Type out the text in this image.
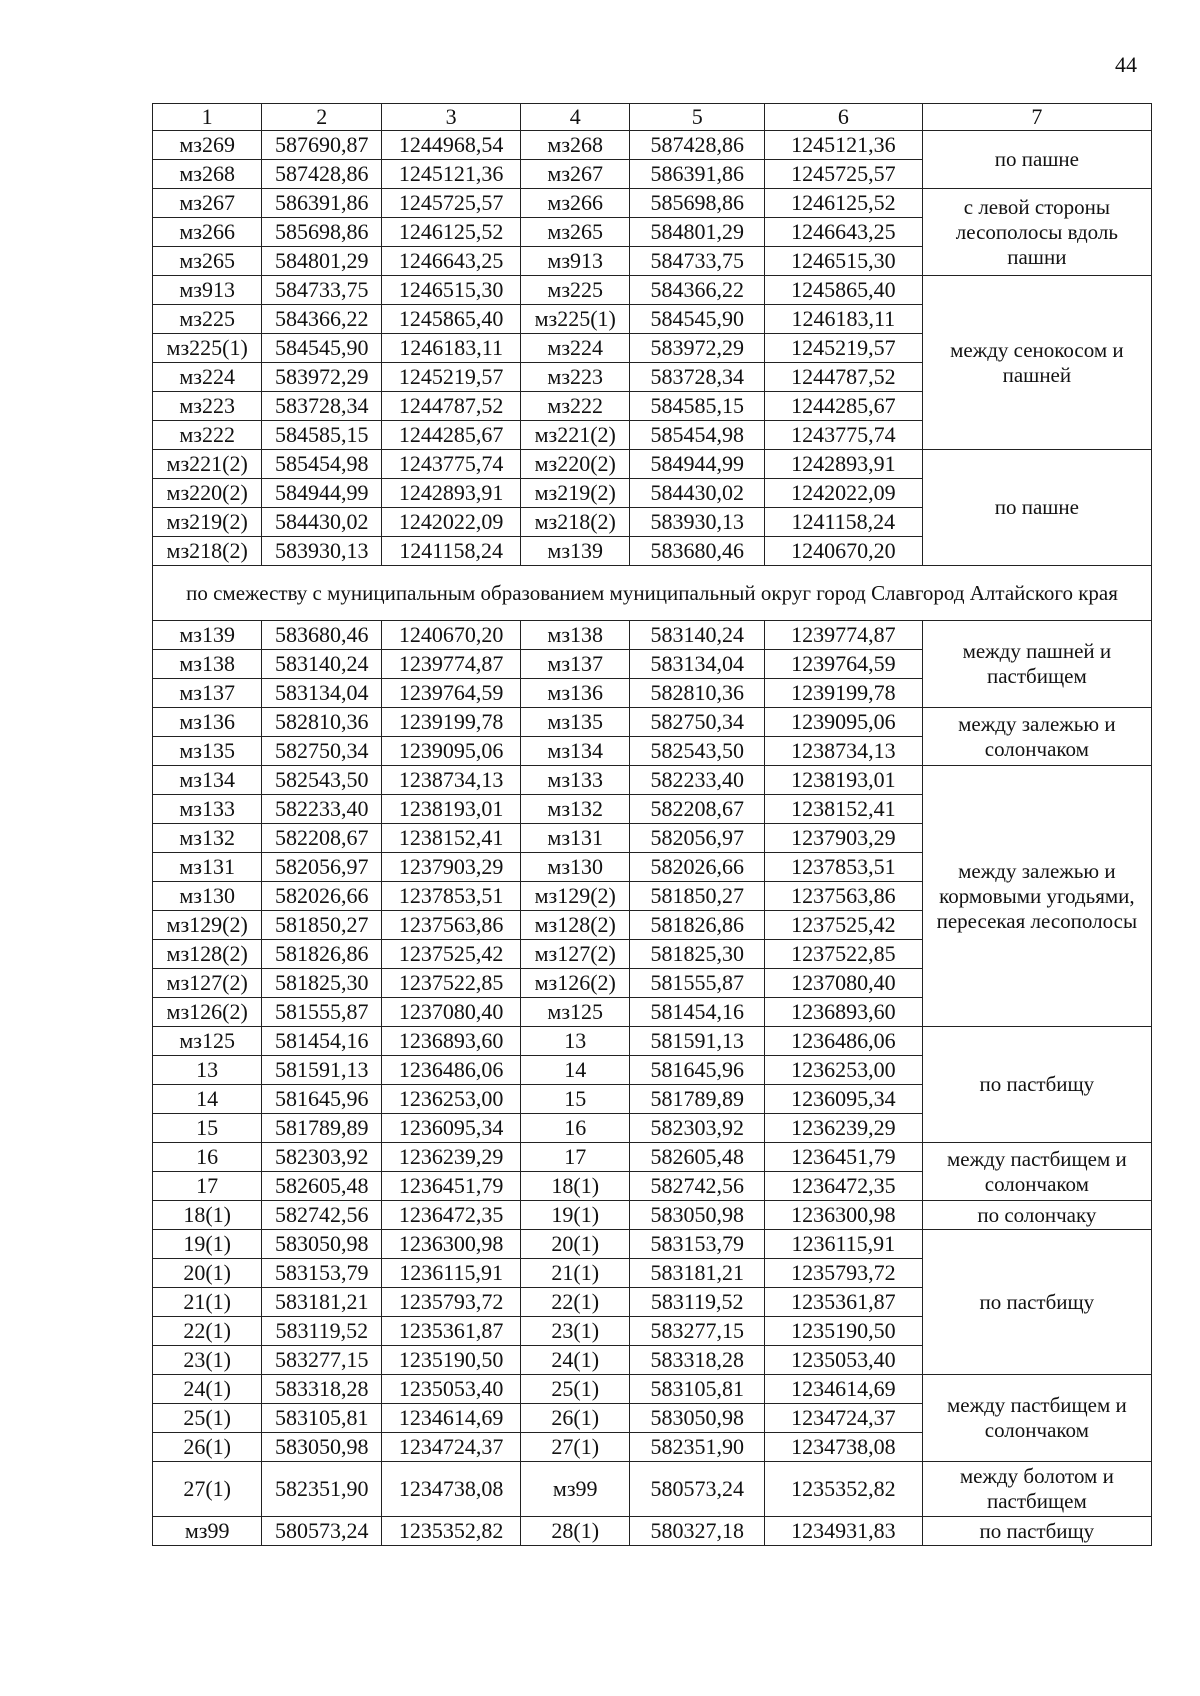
44
1	2	3	4	5	6	7
мз269	587690,87	1244968,54	мз268	587428,86	1245121,36	по пашне
мз268	587428,86	1245121,36	мз267	586391,86	1245725,57	
мз267	586391,86	1245725,57	мз266	585698,86	1246125,52	с левой стороны лесополосы вдоль пашни
мз266	585698,86	1246125,52	мз265	584801,29	1246643,25	
мз265	584801,29	1246643,25	мз913	584733,75	1246515,30	
мз913	584733,75	1246515,30	мз225	584366,22	1245865,40	между сенокосом и пашней
мз225	584366,22	1245865,40	мз225(1)	584545,90	1246183,11	
мз225(1)	584545,90	1246183,11	мз224	583972,29	1245219,57	
мз224	583972,29	1245219,57	мз223	583728,34	1244787,52	
мз223	583728,34	1244787,52	мз222	584585,15	1244285,67	
мз222	584585,15	1244285,67	мз221(2)	585454,98	1243775,74	
мз221(2)	585454,98	1243775,74	мз220(2)	584944,99	1242893,91	по пашне
мз220(2)	584944,99	1242893,91	мз219(2)	584430,02	1242022,09	
мз219(2)	584430,02	1242022,09	мз218(2)	583930,13	1241158,24	
мз218(2)	583930,13	1241158,24	мз139	583680,46	1240670,20	
по смежеству с муниципальным образованием муниципальный округ город Славгород Алтайского края						
мз139	583680,46	1240670,20	мз138	583140,24	1239774,87	между пашней и пастбищем
мз138	583140,24	1239774,87	мз137	583134,04	1239764,59	
мз137	583134,04	1239764,59	мз136	582810,36	1239199,78	
мз136	582810,36	1239199,78	мз135	582750,34	1239095,06	между залежью и солончаком
мз135	582750,34	1239095,06	мз134	582543,50	1238734,13	
мз134	582543,50	1238734,13	мз133	582233,40	1238193,01	между залежью и кормовыми угодьями, пересекая лесополосы
мз133	582233,40	1238193,01	мз132	582208,67	1238152,41	
мз132	582208,67	1238152,41	мз131	582056,97	1237903,29	
мз131	582056,97	1237903,29	мз130	582026,66	1237853,51	
мз130	582026,66	1237853,51	мз129(2)	581850,27	1237563,86	
мз129(2)	581850,27	1237563,86	мз128(2)	581826,86	1237525,42	
мз128(2)	581826,86	1237525,42	мз127(2)	581825,30	1237522,85	
мз127(2)	581825,30	1237522,85	мз126(2)	581555,87	1237080,40	
мз126(2)	581555,87	1237080,40	мз125	581454,16	1236893,60	
мз125	581454,16	1236893,60	13	581591,13	1236486,06	по пастбищу
13	581591,13	1236486,06	14	581645,96	1236253,00	
14	581645,96	1236253,00	15	581789,89	1236095,34	
15	581789,89	1236095,34	16	582303,92	1236239,29	
16	582303,92	1236239,29	17	582605,48	1236451,79	между пастбищем и солончаком
17	582605,48	1236451,79	18(1)	582742,56	1236472,35	
18(1)	582742,56	1236472,35	19(1)	583050,98	1236300,98	по солончаку
19(1)	583050,98	1236300,98	20(1)	583153,79	1236115,91	по пастбищу
20(1)	583153,79	1236115,91	21(1)	583181,21	1235793,72	
21(1)	583181,21	1235793,72	22(1)	583119,52	1235361,87	
22(1)	583119,52	1235361,87	23(1)	583277,15	1235190,50	
23(1)	583277,15	1235190,50	24(1)	583318,28	1235053,40	
24(1)	583318,28	1235053,40	25(1)	583105,81	1234614,69	между пастбищем и солончаком
25(1)	583105,81	1234614,69	26(1)	583050,98	1234724,37	
26(1)	583050,98	1234724,37	27(1)	582351,90	1234738,08	
27(1)	582351,90	1234738,08	мз99	580573,24	1235352,82	между болотом и пастбищем
мз99	580573,24	1235352,82	28(1)	580327,18	1234931,83	по пастбищу
